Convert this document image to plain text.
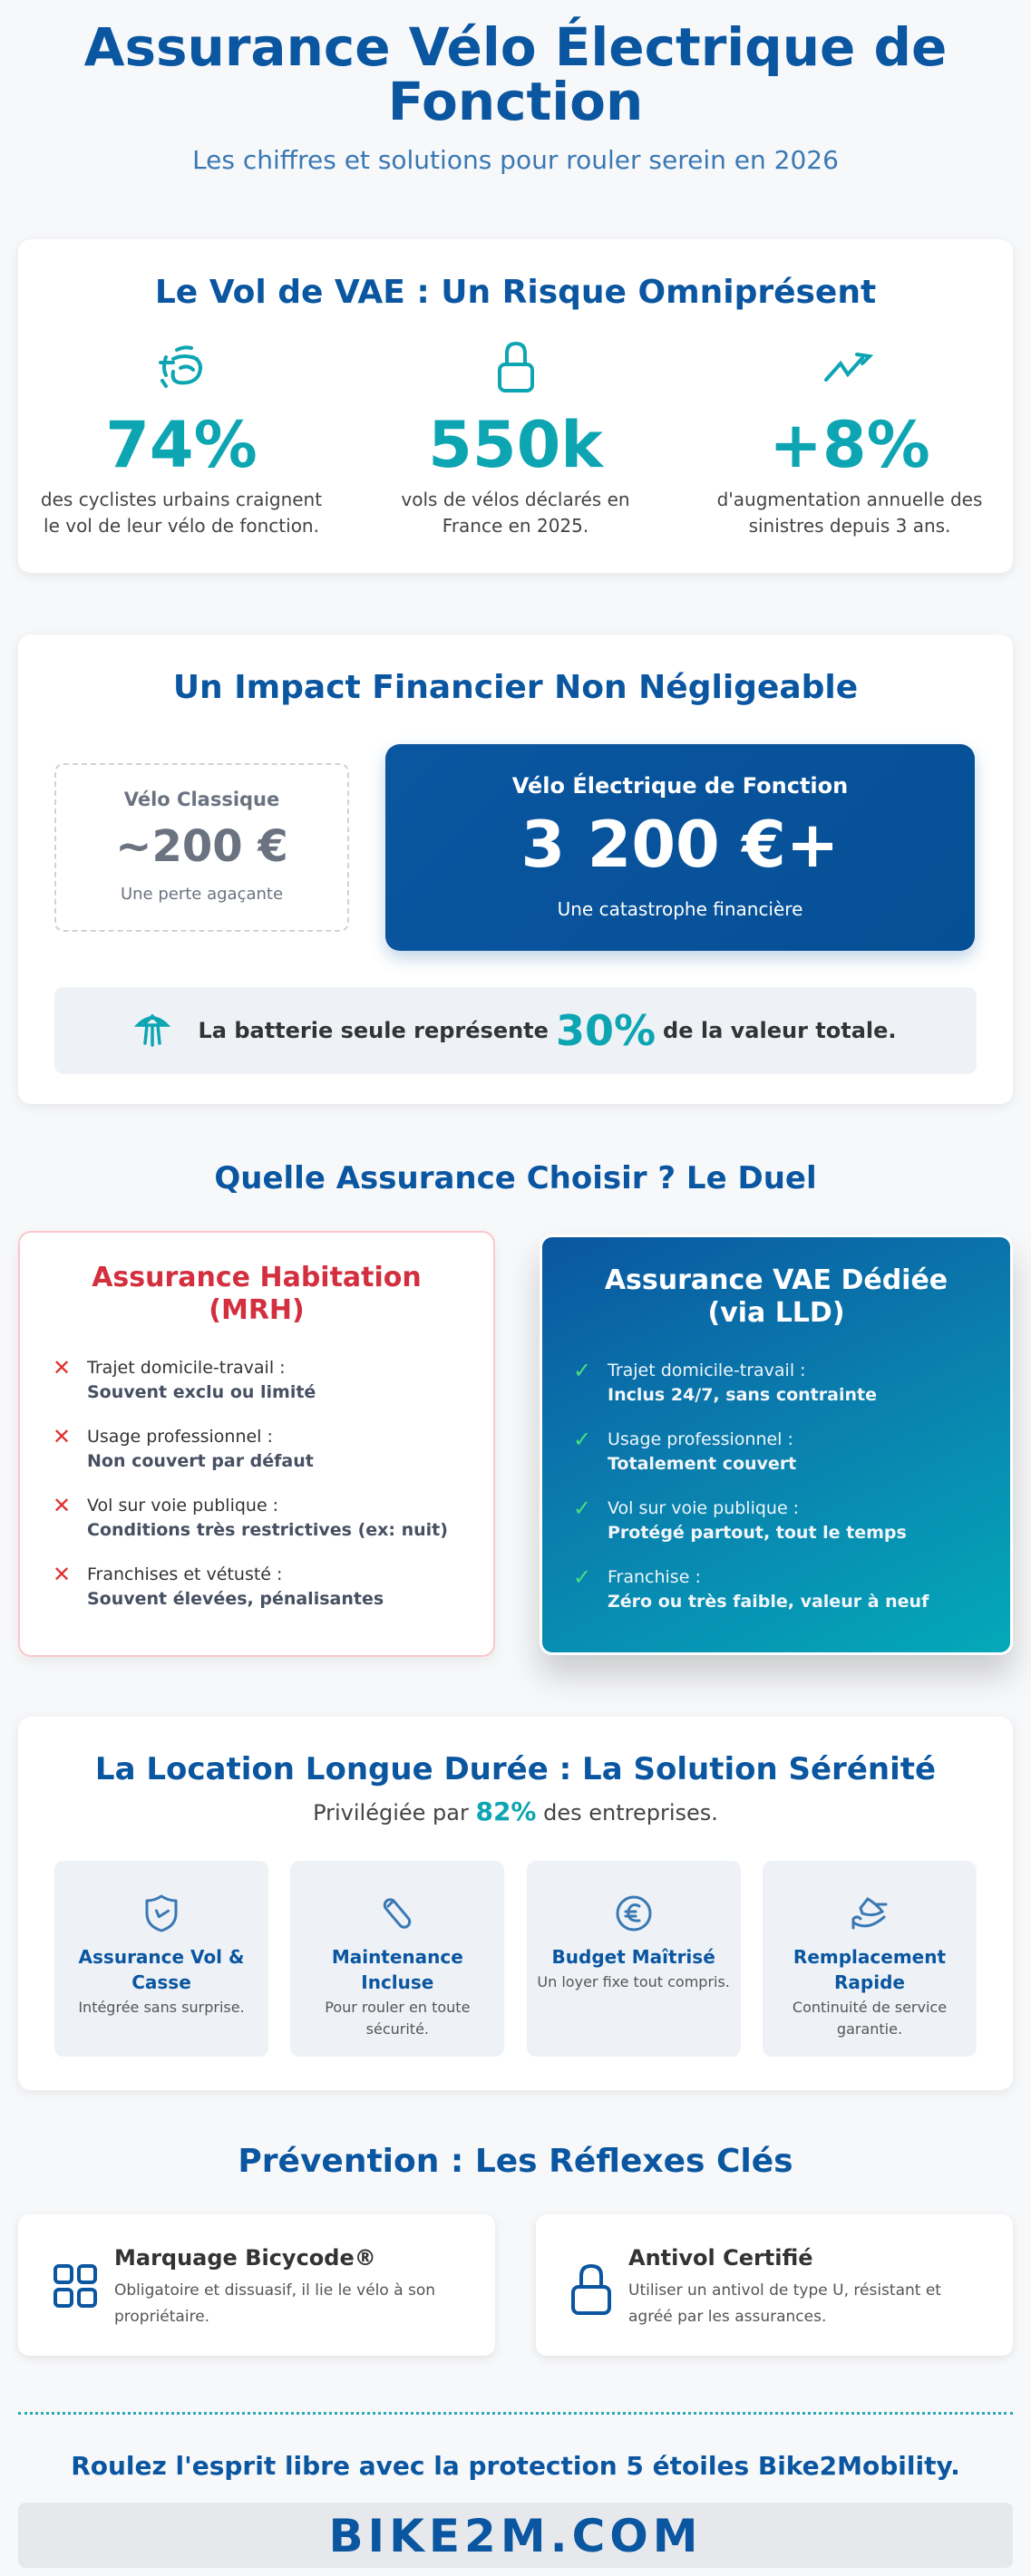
Assurance Vélo Électrique de Fonction
Les chiffres et solutions pour rouler serein en 2026
Le Vol de VAE : Un Risque Omniprésent
74%
des cyclistes urbains craignent le vol de leur vélo de fonction.
550k
vols de vélos déclarés en France en 2025.
+8%
d'augmentation annuelle des sinistres depuis 3 ans.
Un Impact Financier Non Négligeable
Vélo Classique
~200 €
Une perte agaçante
Vélo Électrique de Fonction
3 200 €+
Une catastrophe financière
La batterie seule représente 30% de la valeur totale.
Quelle Assurance Choisir ? Le Duel
Assurance Habitation (MRH)
✕ Trajet domicile-travail :
Souvent exclu ou limité
✕ Usage professionnel :
Non couvert par défaut
✕ Vol sur voie publique :
Conditions très restrictives (ex: nuit)
✕ Franchises et vétusté :
Souvent élevées, pénalisantes
Assurance VAE Dédiée (via LLD)
✓ Trajet domicile-travail :
Inclus 24/7, sans contrainte
✓ Usage professionnel :
Totalement couvert
✓ Vol sur voie publique :
Protégé partout, tout le temps
✓ Franchise :
Zéro ou très faible, valeur à neuf
La Location Longue Durée : La Solution Sérénité
Privilégiée par 82% des entreprises.
Assurance Vol & Casse
Intégrée sans surprise.
Maintenance Incluse
Pour rouler en toute sécurité.
Budget Maîtrisé
Un loyer fixe tout compris.
Remplacement Rapide
Continuité de service garantie.
Prévention : Les Réflexes Clés
Marquage Bicycode®
Obligatoire et dissuasif, il lie le vélo à son propriétaire.
Antivol Certifié
Utiliser un antivol de type U, résistant et agréé par les assurances.
Roulez l'esprit libre avec la protection 5 étoiles Bike2Mobility.
BIKE2M.COM
